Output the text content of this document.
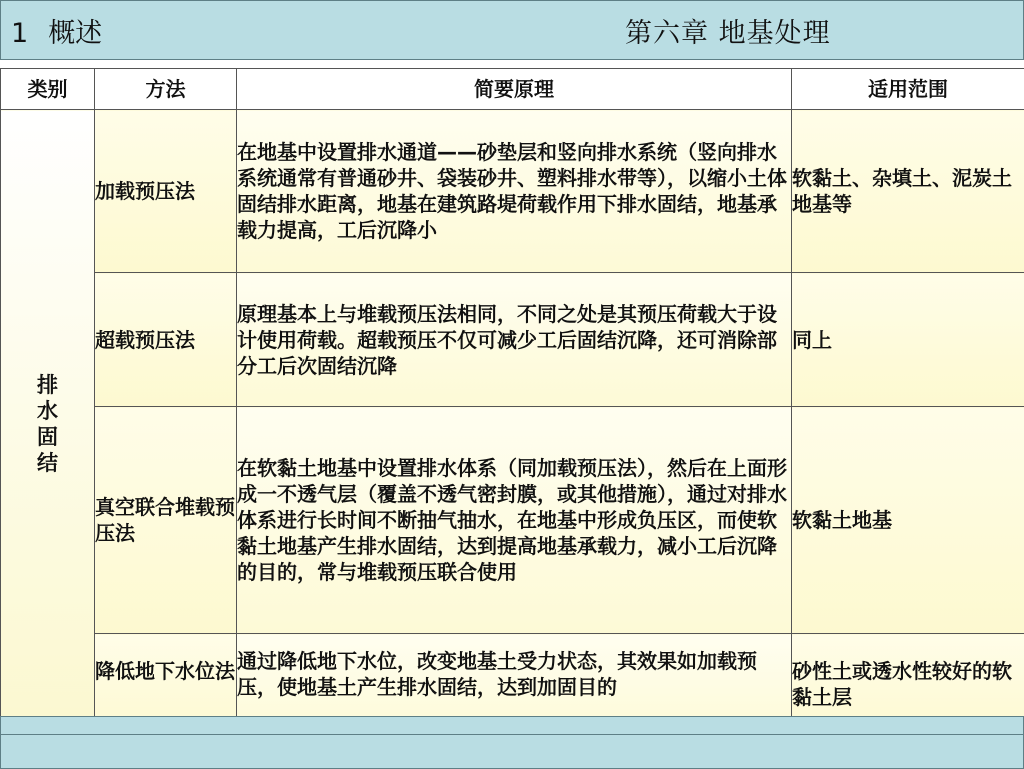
1 概述	第六章 地基处理
类别	方法	简要原理	适用范围
排水固结	加载预压法	在地基中设置排水通道——砂垫层和竖向排水系统（竖向排水系统通常有普通砂井、袋装砂井、塑料排水带等），以缩小土体固结排水距离，地基在建筑路堤荷载作用下排水固结，地基承载力提高，工后沉降小	软黏土、杂填土、泥炭土地基等
	超载预压法	原理基本上与堆载预压法相同，不同之处是其预压荷载大于设计使用荷载。超载预压不仅可减少工后固结沉降，还可消除部分工后次固结沉降	同上
	真空联合堆载预压法	在软黏土地基中设置排水体系（同加载预压法），然后在上面形成一不透气层（覆盖不透气密封膜，或其他措施），通过对排水体系进行长时间不断抽气抽水，在地基中形成负压区，而使软黏土地基产生排水固结，达到提高地基承载力，减小工后沉降的目的，常与堆载预压联合使用	软黏土地基
	降低地下水位法	通过降低地下水位，改变地基土受力状态，其效果如加载预压，使地基土产生排水固结，达到加固目的	砂性土或透水性较好的软黏土层
